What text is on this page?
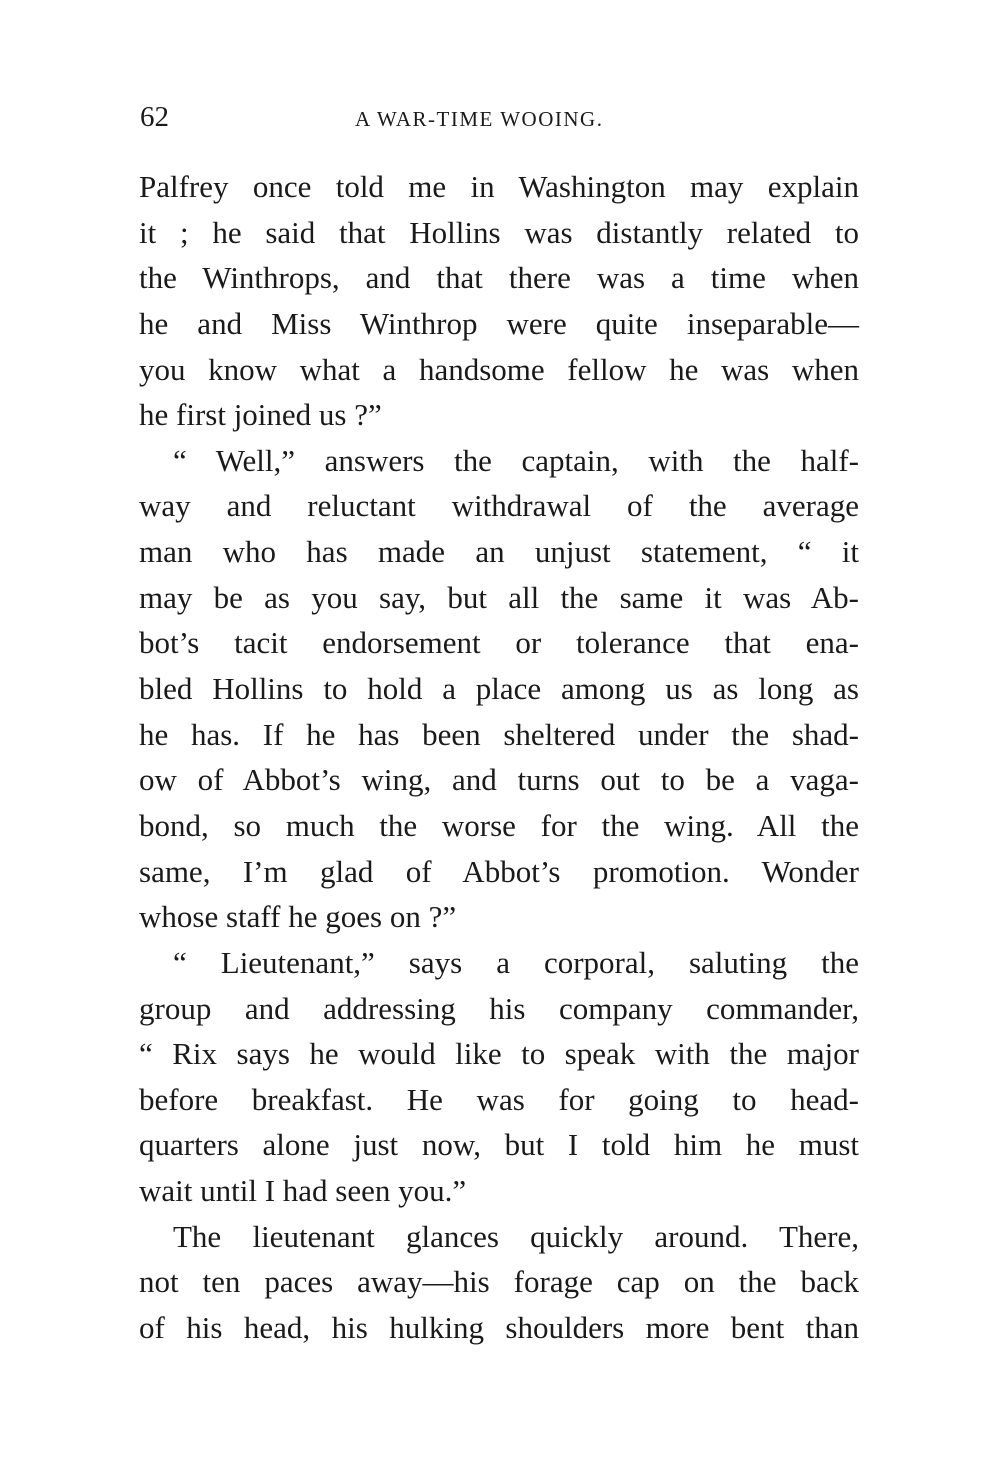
62	A WAR-TIME WOOING.
Palfrey once told me in Washington may explain
it ; he said that Hollins was distantly related to
the Winthrops, and that there was a time when
he and Miss Winthrop were quite inseparable—
you know what a handsome fellow he was when
he first joined us ?”
“ Well,” answers the captain, with the half-
way and reluctant withdrawal of the average
man who has made an unjust statement, “ it
may be as you say, but all the same it was Ab-
bot’s tacit endorsement or tolerance that ena-
bled Hollins to hold a place among us as long as
he has. If he has been sheltered under the shad-
ow of Abbot’s wing, and turns out to be a vaga-
bond, so much the worse for the wing. All the
same, I’m glad of Abbot’s promotion. Wonder
whose staff he goes on ?”
“ Lieutenant,” says a corporal, saluting the
group and addressing his company commander,
“ Rix says he would like to speak with the major
before breakfast. He was for going to head-
quarters alone just now, but I told him he must
wait until I had seen you.”
The lieutenant glances quickly around. There,
not ten paces away—his forage cap on the back
of his head, his hulking shoulders more bent than
